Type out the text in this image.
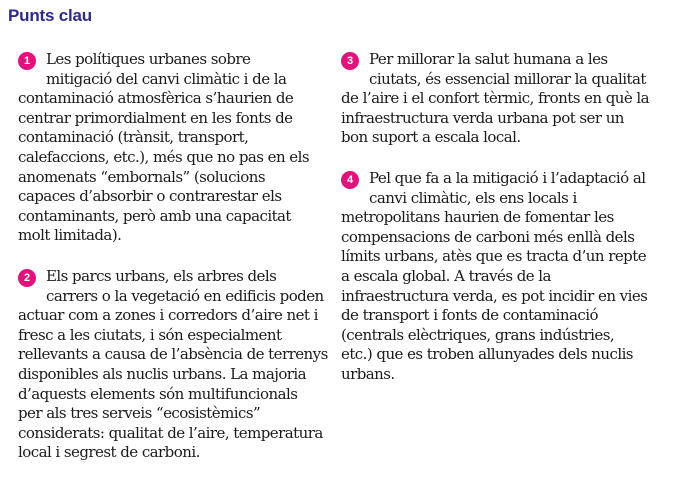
Punts clau
1	Les polítiques urbanes sobre
mitigació del canvi climàtic i de la
contaminació atmosfèrica s’haurien de
centrar primordialment en les fonts de
contaminació (trànsit, transport,
calefaccions, etc.), més que no pas en els
anomenats “embornals” (solucions
capaces d’absorbir o contrarestar els
contaminants, però amb una capacitat
molt limitada).
2	Els parcs urbans, els arbres dels
carrers o la vegetació en edificis poden
actuar com a zones i corredors d’aire net i
fresc a les ciutats, i són especialment
rellevants a causa de l’absència de terrenys
disponibles als nuclis urbans. La majoria
d’aquests elements són multifuncionals
per als tres serveis “ecosistèmics”
considerats: qualitat de l’aire, temperatura
local i segrest de carboni.
3	Per millorar la salut humana a les
ciutats, és essencial millorar la qualitat
de l’aire i el confort tèrmic, fronts en què la
infraestructura verda urbana pot ser un
bon suport a escala local.
4	Pel que fa a la mitigació i l’adaptació al
canvi climàtic, els ens locals i
metropolitans haurien de fomentar les
compensacions de carboni més enllà dels
límits urbans, atès que es tracta d’un repte
a escala global. A través de la
infraestructura verda, es pot incidir en vies
de transport i fonts de contaminació
(centrals elèctriques, grans indústries,
etc.) que es troben allunyades dels nuclis
urbans.
